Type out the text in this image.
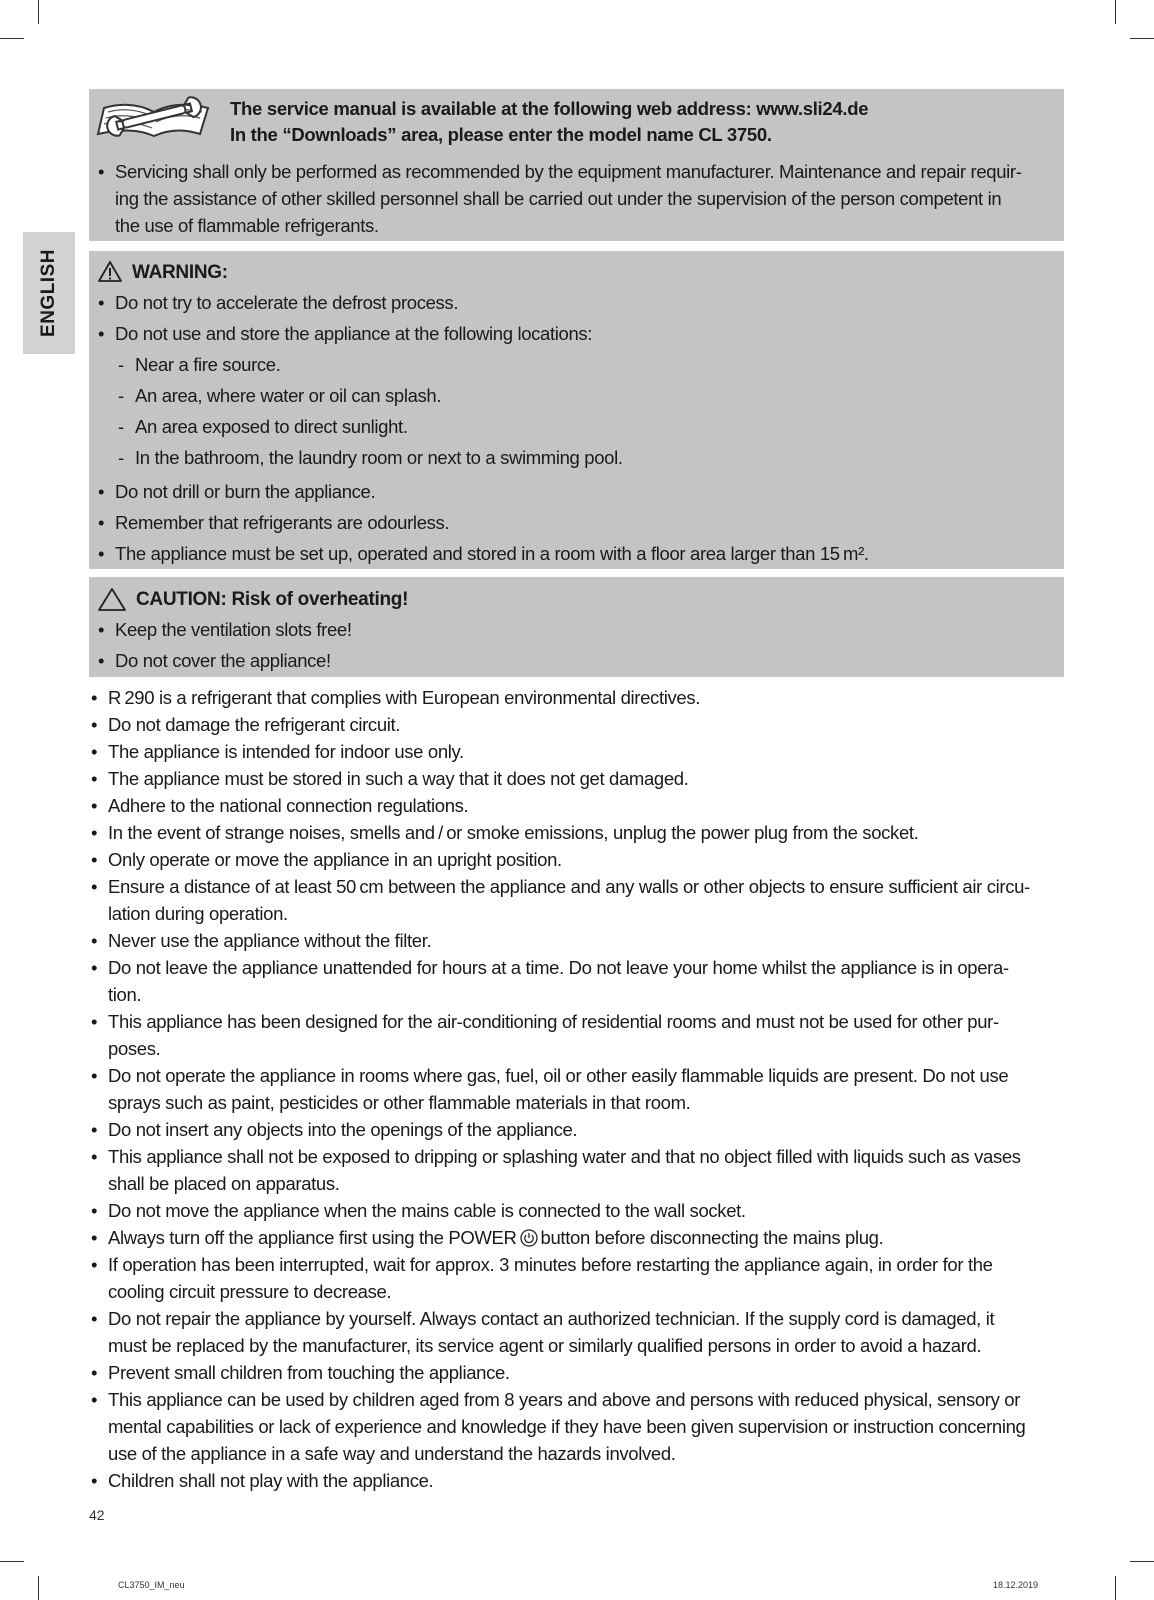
ENGLISH
The service manual is available at the following web address: www.sli24.de
In the “Downloads” area, please enter the model name CL 3750.
• Servicing shall only be performed as recommended by the equipment manufacturer. Maintenance and repair requir-
ing the assistance of other skilled personnel shall be carried out under the supervision of the person competent in
the use of flammable refrigerants.
WARNING:
• Do not try to accelerate the defrost process.
• Do not use and store the appliance at the following locations:
- Near a fire source.
- An area, where water or oil can splash.
- An area exposed to direct sunlight.
- In the bathroom, the laundry room or next to a swimming pool.
• Do not drill or burn the appliance.
• Remember that refrigerants are odourless.
• The appliance must be set up, operated and stored in a room with a floor area larger than 15 m².
CAUTION: Risk of overheating!
• Keep the ventilation slots free!
• Do not cover the appliance!
• R 290 is a refrigerant that complies with European environmental directives.
• Do not damage the refrigerant circuit.
• The appliance is intended for indoor use only.
• The appliance must be stored in such a way that it does not get damaged.
• Adhere to the national connection regulations.
• In the event of strange noises, smells and / or smoke emissions, unplug the power plug from the socket.
• Only operate or move the appliance in an upright position.
• Ensure a distance of at least 50 cm between the appliance and any walls or other objects to ensure sufficient air circu-
lation during operation.
• Never use the appliance without the filter.
• Do not leave the appliance unattended for hours at a time. Do not leave your home whilst the appliance is in opera-
tion.
• This appliance has been designed for the air-conditioning of residential rooms and must not be used for other pur-
poses.
• Do not operate the appliance in rooms where gas, fuel, oil or other easily flammable liquids are present. Do not use
sprays such as paint, pesticides or other flammable materials in that room.
• Do not insert any objects into the openings of the appliance.
• This appliance shall not be exposed to dripping or splashing water and that no object filled with liquids such as vases
shall be placed on apparatus.
• Do not move the appliance when the mains cable is connected to the wall socket.
• Always turn off the appliance first using the POWER button before disconnecting the mains plug.
• If operation has been interrupted, wait for approx. 3 minutes before restarting the appliance again, in order for the
cooling circuit pressure to decrease.
• Do not repair the appliance by yourself. Always contact an authorized technician. If the supply cord is damaged, it
must be replaced by the manufacturer, its service agent or similarly qualified persons in order to avoid a hazard.
• Prevent small children from touching the appliance.
• This appliance can be used by children aged from 8 years and above and persons with reduced physical, sensory or
mental capabilities or lack of experience and knowledge if they have been given supervision or instruction concerning
use of the appliance in a safe way and understand the hazards involved.
• Children shall not play with the appliance.
42
CL3750_IM_neu	18.12.2019
